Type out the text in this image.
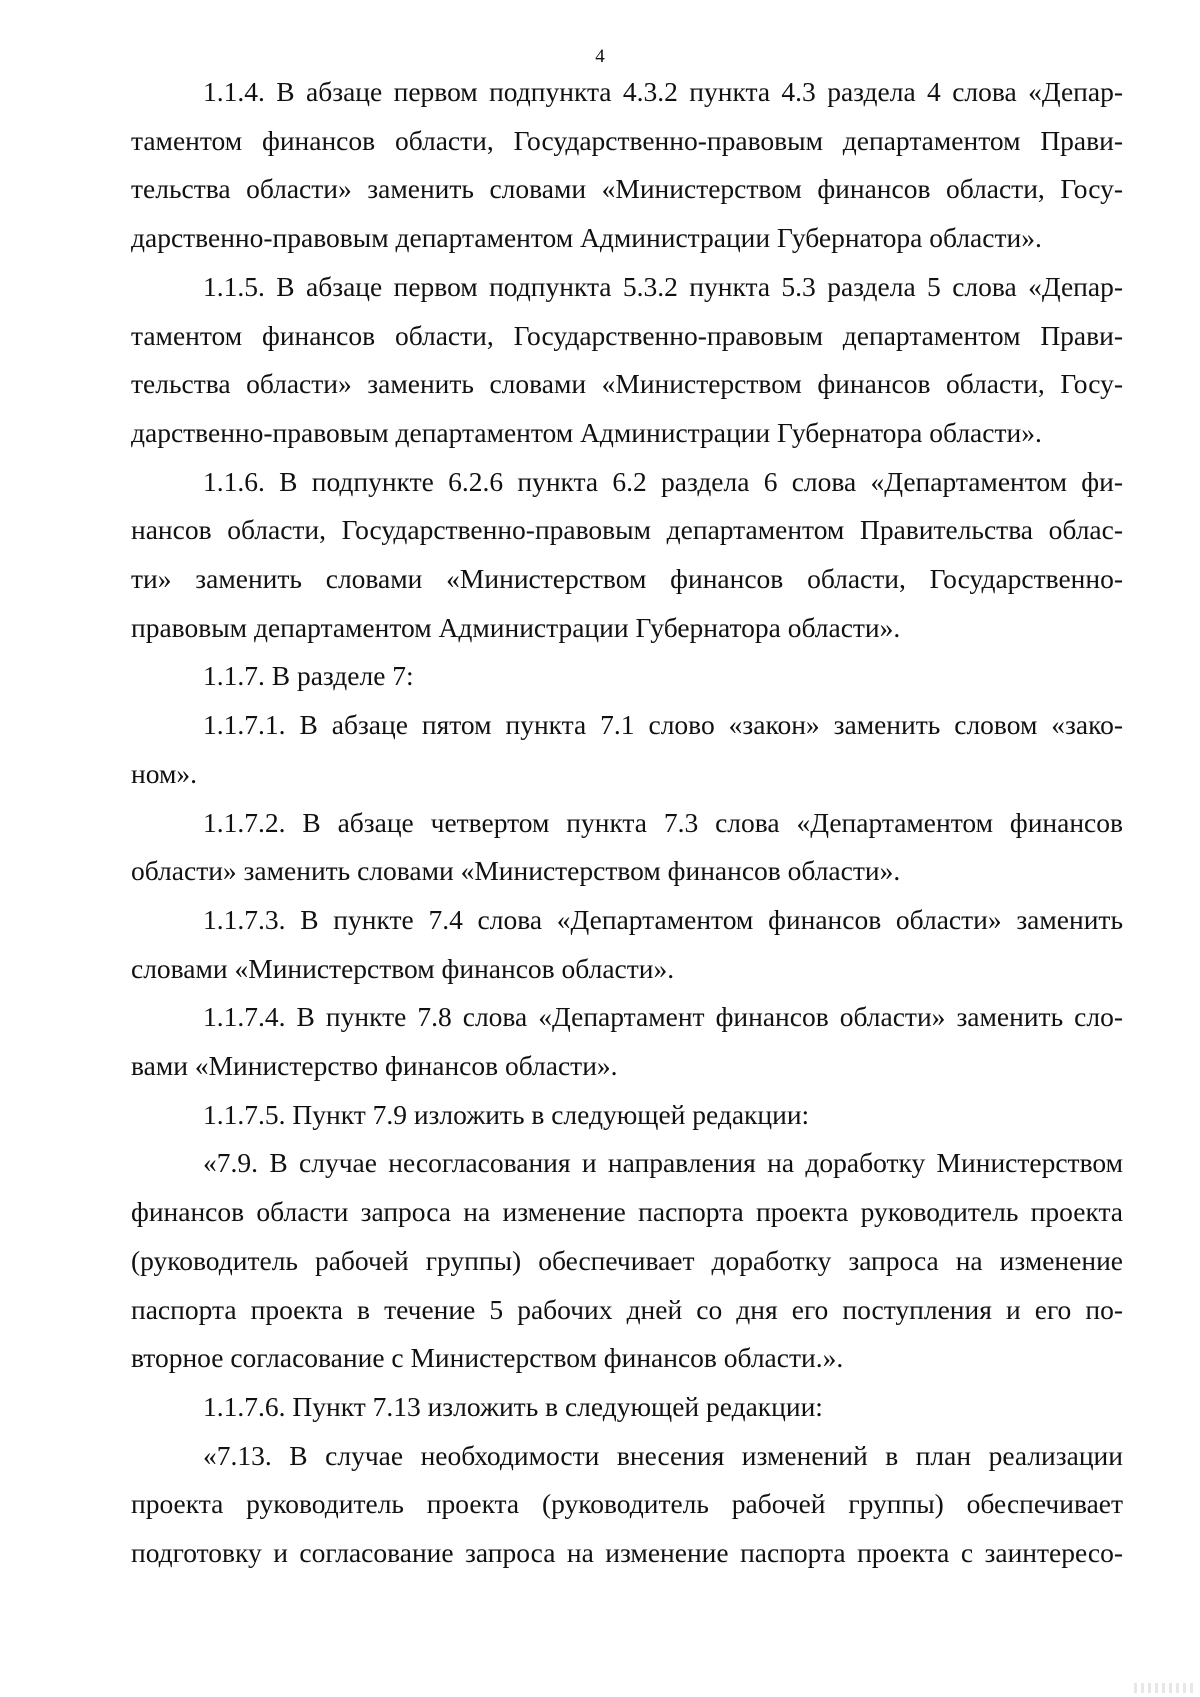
4
1.1.4. В абзаце первом подпункта 4.3.2 пункта 4.3 раздела 4 слова «Депар-
таментом финансов области, Государственно-правовым департаментом Прави-
тельства области» заменить словами «Министерством финансов области, Госу-
дарственно-правовым департаментом Администрации Губернатора области».
1.1.5. В абзаце первом подпункта 5.3.2 пункта 5.3 раздела 5 слова «Депар-
таментом финансов области, Государственно-правовым департаментом Прави-
тельства области» заменить словами «Министерством финансов области, Госу-
дарственно-правовым департаментом Администрации Губернатора области».
1.1.6. В подпункте 6.2.6 пункта 6.2 раздела 6 слова «Департаментом фи-
нансов области, Государственно-правовым департаментом Правительства облас-
ти» заменить словами «Министерством финансов области, Государственно-
правовым департаментом Администрации Губернатора области».
1.1.7. В разделе 7:
1.1.7.1. В абзаце пятом пункта 7.1 слово «закон» заменить словом «зако-
ном».
1.1.7.2. В абзаце четвертом пункта 7.3 слова «Департаментом финансов
области» заменить словами «Министерством финансов области».
1.1.7.3. В пункте 7.4 слова «Департаментом финансов области» заменить
словами «Министерством финансов области».
1.1.7.4. В пункте 7.8 слова «Департамент финансов области» заменить сло-
вами «Министерство финансов области».
1.1.7.5. Пункт 7.9 изложить в следующей редакции:
«7.9. В случае несогласования и направления на доработку Министерством
финансов области запроса на изменение паспорта проекта руководитель проекта
(руководитель рабочей группы) обеспечивает доработку запроса на изменение
паспорта проекта в течение 5 рабочих дней со дня его поступления и его по-
вторное согласование с Министерством финансов области.».
1.1.7.6. Пункт 7.13 изложить в следующей редакции:
«7.13. В случае необходимости внесения изменений в план реализации
проекта руководитель проекта (руководитель рабочей группы) обеспечивает
подготовку и согласование запроса на изменение паспорта проекта с заинтересо-
